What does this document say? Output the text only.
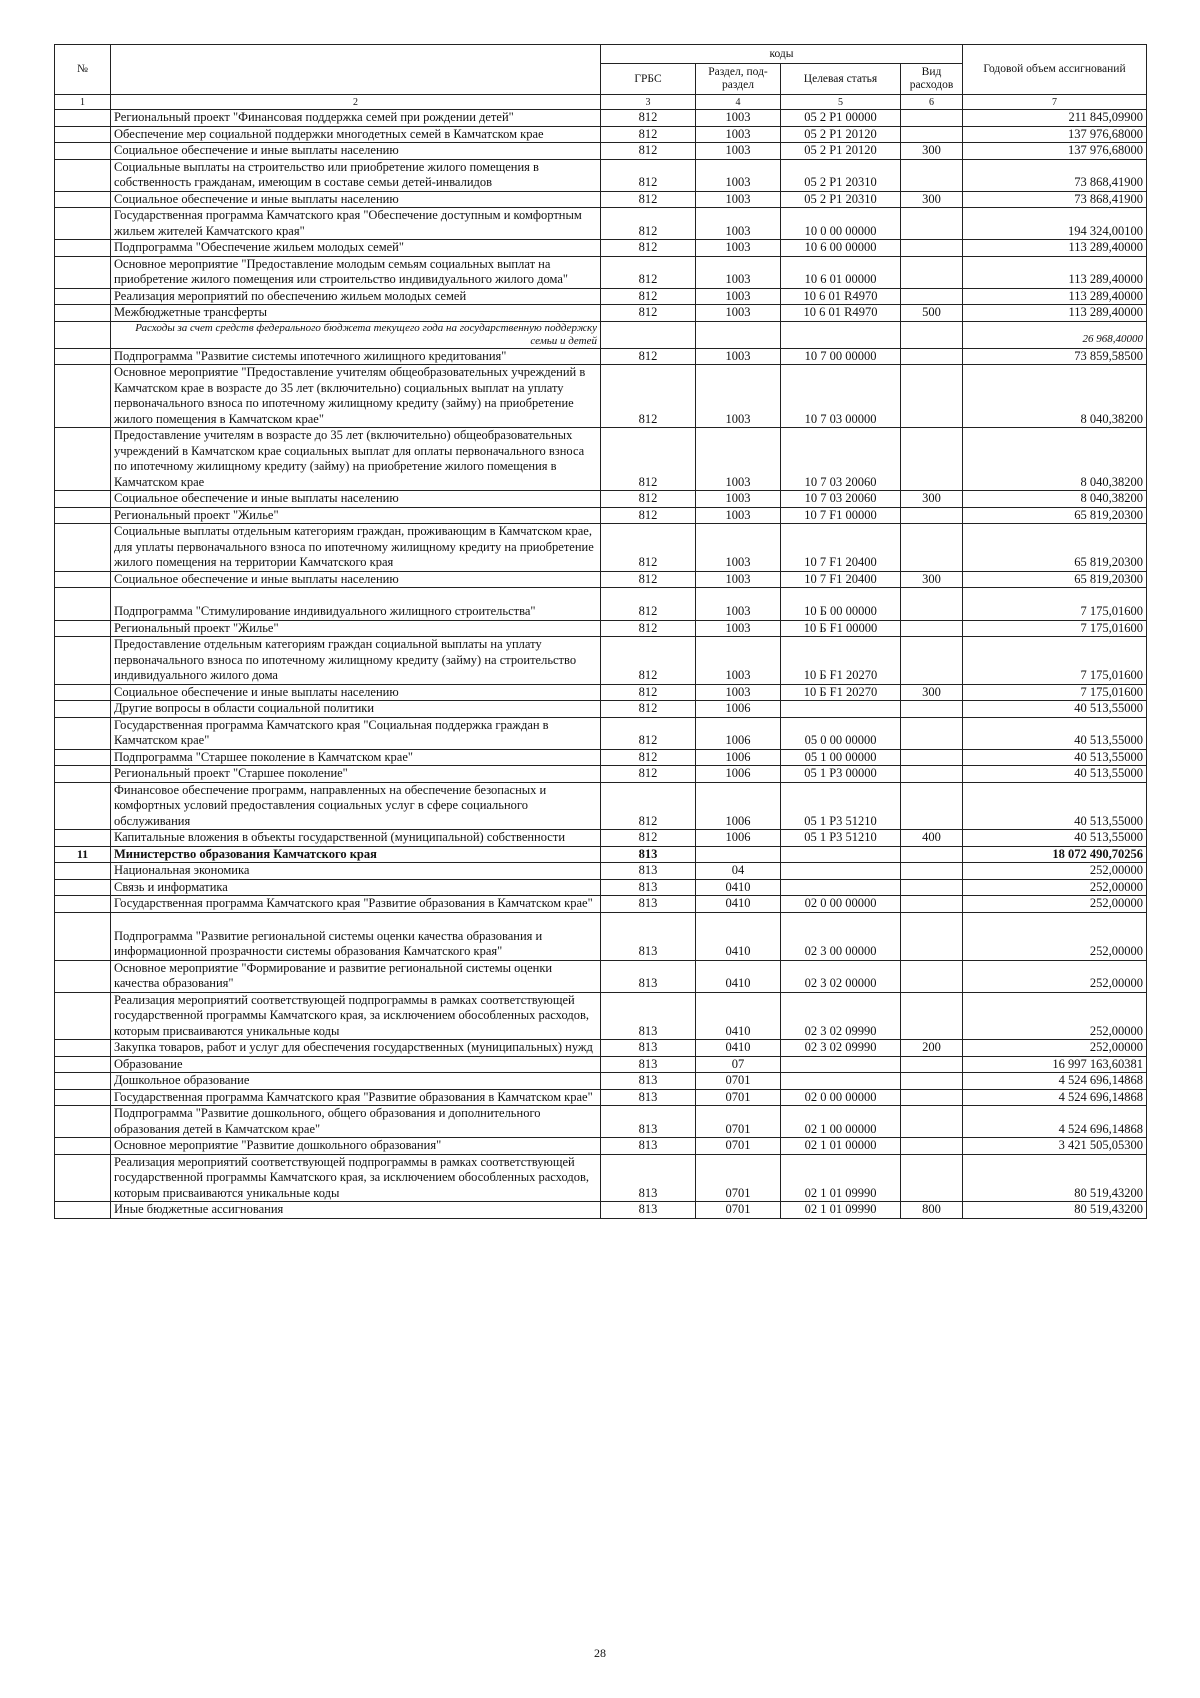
№		коды				Годовой объем ассигнований
		ГРБС	Раздел, под-раздел	Целевая статья	Вид расходов	
1	2	3	4	5	6	7
	Региональный проект "Финансовая поддержка семей при рождении детей"	812	1003	05 2 P1 00000		211 845,09900
	Обеспечение мер социальной поддержки многодетных семей в Камчатском крае	812	1003	05 2 P1 20120		137 976,68000
	Социальное обеспечение и иные выплаты населению	812	1003	05 2 P1 20120	300	137 976,68000
	Социальные выплаты на строительство или приобретение жилого помещения в собственность гражданам, имеющим в составе семьи детей-инвалидов	812	1003	05 2 P1 20310		73 868,41900
	Социальное обеспечение и иные выплаты населению	812	1003	05 2 P1 20310	300	73 868,41900
	Государственная программа Камчатского края "Обеспечение доступным и комфортным жильем жителей Камчатского края"	812	1003	10 0 00 00000		194 324,00100
	Подпрограмма "Обеспечение жильем молодых семей"	812	1003	10 6 00 00000		113 289,40000
	Основное мероприятие "Предоставление молодым семьям социальных выплат на приобретение жилого помещения или строительство индивидуального жилого дома"	812	1003	10 6 01 00000		113 289,40000
	Реализация мероприятий по обеспечению жильем молодых семей	812	1003	10 6 01 R4970		113 289,40000
	Межбюджетные трансферты	812	1003	10 6 01 R4970	500	113 289,40000
	Расходы за счет средств федерального бюджета текущего года на государственную поддержку семьи и детей					26 968,40000
	Подпрограмма "Развитие системы ипотечного жилищного кредитования"	812	1003	10 7 00 00000		73 859,58500
	Основное мероприятие "Предоставление учителям общеобразовательных учреждений в Камчатском крае в возрасте до 35 лет (включительно) социальных выплат на уплату первоначального взноса по ипотечному жилищному кредиту (займу) на приобретение жилого помещения в Камчатском крае"	812	1003	10 7 03 00000		8 040,38200
	Предоставление учителям в возрасте до 35 лет (включительно) общеобразовательных учреждений в Камчатском крае социальных выплат для оплаты первоначального взноса по ипотечному жилищному кредиту (займу) на приобретение жилого помещения в Камчатском крае	812	1003	10 7 03 20060		8 040,38200
	Социальное обеспечение и иные выплаты населению	812	1003	10 7 03 20060	300	8 040,38200
	Региональный проект "Жилье"	812	1003	10 7 F1 00000		65 819,20300
	Социальные выплаты отдельным категориям граждан, проживающим в Камчатском крае, для уплаты первоначального взноса по ипотечному жилищному кредиту на приобретение жилого помещения на территории Камчатского края	812	1003	10 7 F1 20400		65 819,20300
	Социальное обеспечение и иные выплаты населению	812	1003	10 7 F1 20400	300	65 819,20300
	Подпрограмма "Стимулирование индивидуального жилищного строительства"	812	1003	10 Б 00 00000		7 175,01600
	Региональный проект "Жилье"	812	1003	10 Б F1 00000		7 175,01600
	Предоставление отдельным категориям граждан социальной выплаты на уплату первоначального взноса по ипотечному жилищному кредиту (займу) на строительство индивидуального жилого дома	812	1003	10 Б F1 20270		7 175,01600
	Социальное обеспечение и иные выплаты населению	812	1003	10 Б F1 20270	300	7 175,01600
	Другие вопросы в области социальной политики	812	1006			40 513,55000
	Государственная программа Камчатского края "Социальная поддержка граждан в Камчатском крае"	812	1006	05 0 00 00000		40 513,55000
	Подпрограмма "Старшее поколение в Камчатском крае"	812	1006	05 1 00 00000		40 513,55000
	Региональный проект "Старшее поколение"	812	1006	05 1 P3 00000		40 513,55000
	Финансовое обеспечение программ, направленных на обеспечение безопасных и комфортных условий предоставления социальных услуг в сфере социального обслуживания	812	1006	05 1 P3 51210		40 513,55000
	Капитальные вложения в объекты государственной (муниципальной) собственности	812	1006	05 1 P3 51210	400	40 513,55000
11	Министерство образования Камчатского края	813				18 072 490,70256
	Национальная экономика	813	04			252,00000
	Связь и информатика	813	0410			252,00000
	Государственная программа Камчатского края "Развитие образования в Камчатском крае"	813	0410	02 0 00 00000		252,00000
	Подпрограмма "Развитие региональной системы оценки качества образования и информационной прозрачности системы образования Камчатского края"	813	0410	02 3 00 00000		252,00000
	Основное мероприятие "Формирование и развитие региональной системы оценки качества образования"	813	0410	02 3 02 00000		252,00000
	Реализация мероприятий соответствующей подпрограммы в рамках соответствующей государственной программы Камчатского края, за исключением обособленных расходов, которым присваиваются уникальные коды	813	0410	02 3 02 09990		252,00000
	Закупка товаров, работ и услуг для обеспечения государственных (муниципальных) нужд	813	0410	02 3 02 09990	200	252,00000
	Образование	813	07			16 997 163,60381
	Дошкольное образование	813	0701			4 524 696,14868
	Государственная программа Камчатского края "Развитие образования в Камчатском крае"	813	0701	02 0 00 00000		4 524 696,14868
	Подпрограмма "Развитие дошкольного, общего образования и дополнительного образования детей в Камчатском крае"	813	0701	02 1 00 00000		4 524 696,14868
	Основное мероприятие "Развитие дошкольного образования"	813	0701	02 1 01 00000		3 421 505,05300
	Реализация мероприятий соответствующей подпрограммы в рамках соответствующей государственной программы Камчатского края, за исключением обособленных расходов, которым присваиваются уникальные коды	813	0701	02 1 01 09990		80 519,43200
	Иные бюджетные ассигнования	813	0701	02 1 01 09990	800	80 519,43200
28
